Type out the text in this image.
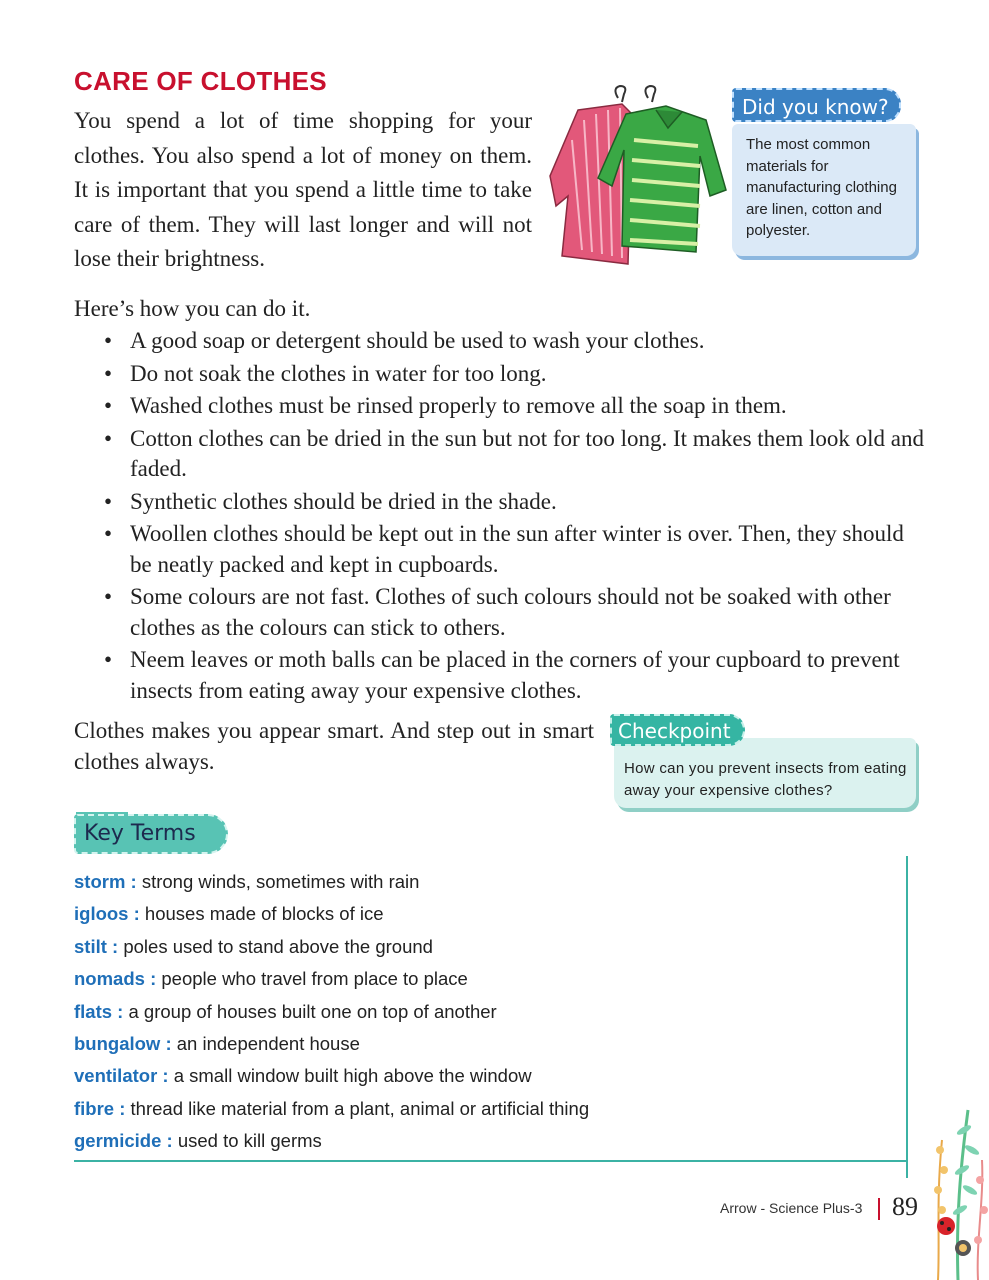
CARE OF CLOTHES

You spend a lot of time shopping for your clothes. You also spend a lot of money on them. It is important that you spend a little time to take care of them. They will last longer and will not lose their brightness.

Did you know?

The most common materials for manufacturing clothing are linen, cotton and polyester.

Here’s how you can do it.

• A good soap or detergent should be used to wash your clothes.
• Do not soak the clothes in water for too long.
• Washed clothes must be rinsed properly to remove all the soap in them.
• Cotton clothes can be dried in the sun but not for too long. It makes them look old and faded.
• Synthetic clothes should be dried in the shade.
• Woollen clothes should be kept out in the sun after winter is over. Then, they should be neatly packed and kept in cupboards.
• Some colours are not fast. Clothes of such colours should not be soaked with other clothes as the colours can stick to others.
• Neem leaves or moth balls can be placed in the corners of your cupboard to prevent insects from eating away your expensive clothes.

Clothes makes you appear smart. And step out in smart clothes always.

Checkpoint

How can you prevent insects from eating away your expensive clothes?

Key Terms
storm : strong winds, sometimes with rain
igloos : houses made of blocks of ice
stilt : poles used to stand above the ground
nomads : people who travel from place to place
flats : a group of houses built one on top of another
bungalow : an independent house
ventilator : a small window built high above the window
fibre : thread like material from a plant, animal or artificial thing
germicide : used to kill germs
Arrow - Science Plus-3 89
